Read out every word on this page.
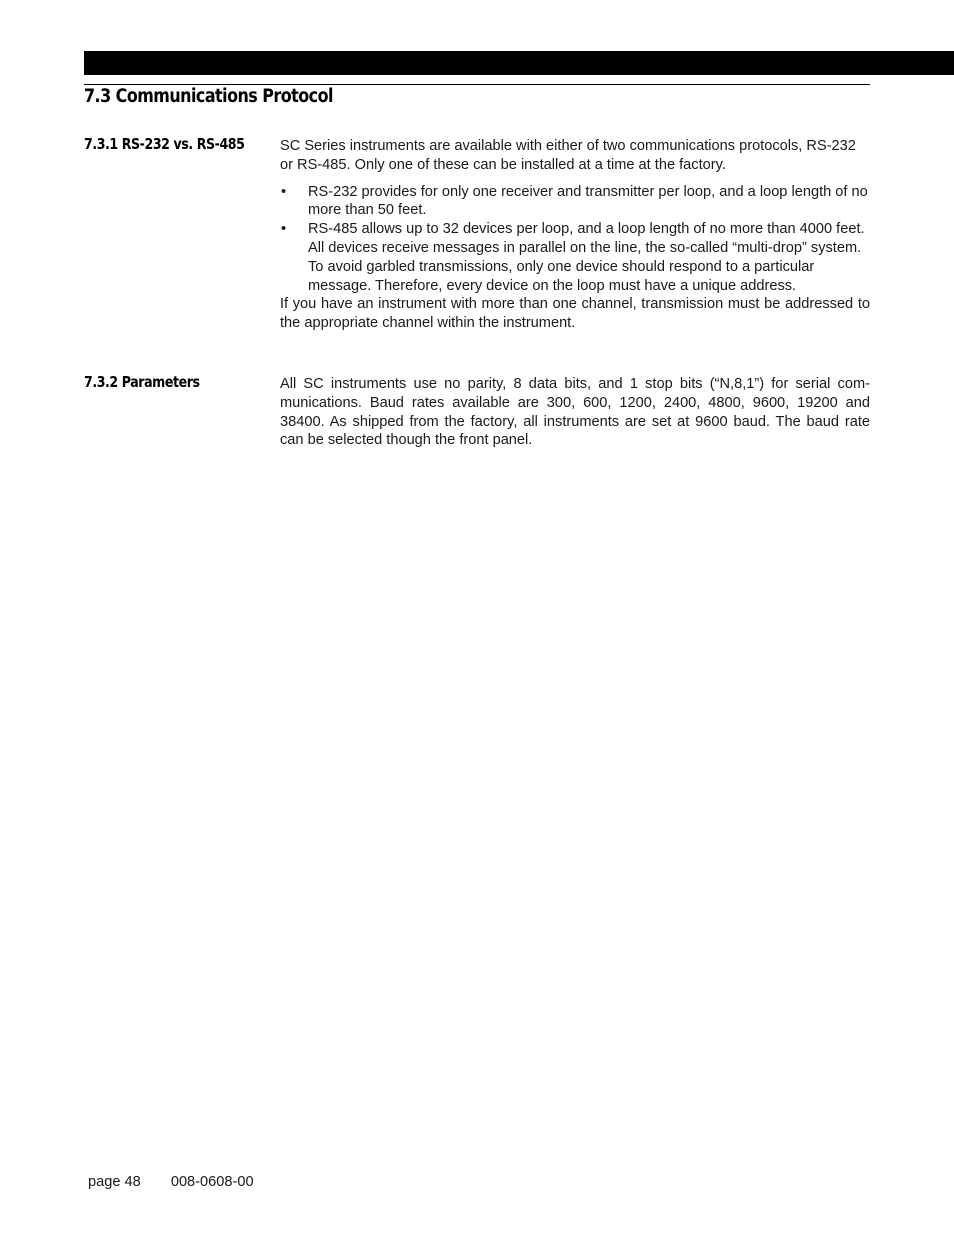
7.3 Communications Protocol
7.3.1 RS-232 vs. RS-485 SC Series instruments are available with either of two communications protocols, RS-232 or RS-485. Only one of these can be installed at a time at the factory.

• RS-232 provides for only one receiver and transmitter per loop, and a loop length of no more than 50 feet.
• RS-485 allows up to 32 devices per loop, and a loop length of no more than 4000 feet. All devices receive messages in parallel on the line, the so-called “multi-drop” system. To avoid garbled transmissions, only one device should respond to a particular message. Therefore, every device on the loop must have a unique address.

If you have an instrument with more than one channel, transmission must be addressed to the appropriate channel within the instrument.

7.3.2 Parameters	All SC instruments use no parity, 8 data bits, and 1 stop bits (“N,8,1”) for serial com-munications. Baud rates available are 300, 600, 1200, 2400, 4800, 9600, 19200 and 38400. As shipped from the factory, all instruments are set at 9600 baud. The baud rate can be selected though the front panel.

page 48 008-0608-00
